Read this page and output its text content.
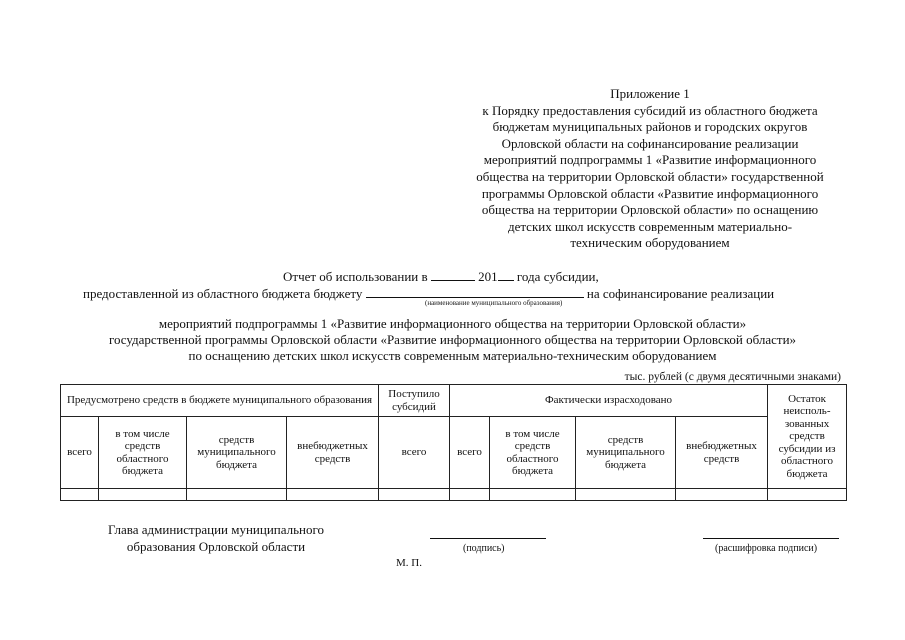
Приложение 1
к Порядку предоставления субсидий из областного бюджета
бюджетам муниципальных районов и городских округов
Орловской области на софинансирование реализации
мероприятий подпрограммы 1 «Развитие информационного
общества на территории Орловской области» государственной
программы Орловской области «Развитие информационного
общества на территории Орловской области» по оснащению
детских школ искусств современным материально-
техническим оборудованием
Отчет об использовании в	201 года субсидии,
предоставленной из областного бюджета бюджету	на софинансирование реализации
(наименование муниципального образования)
мероприятий подпрограммы 1 «Развитие информационного общества на территории Орловской области»
государственной программы Орловской области «Развитие информационного общества на территории Орловской области»
по оснащению детских школ искусств современным материально-техническим оборудованием
тыс. рублей (с двумя десятичными знаками)
Предусмотрено средств в бюджете муниципального образования				Поступило субсидий	Фактически израсходовано				Остаток неисполь-зованных средств субсидии из областного бюджета
всего	в том числе средств областного бюджета	средств муниципального бюджета	внебюджетных средств	всего	всего	в том числе средств областного бюджета	средств муниципального бюджета	внебюджетных средств	

Глава администрации муниципального
образования Орловской области	(подпись)	(расшифровка подписи)
М. П.
